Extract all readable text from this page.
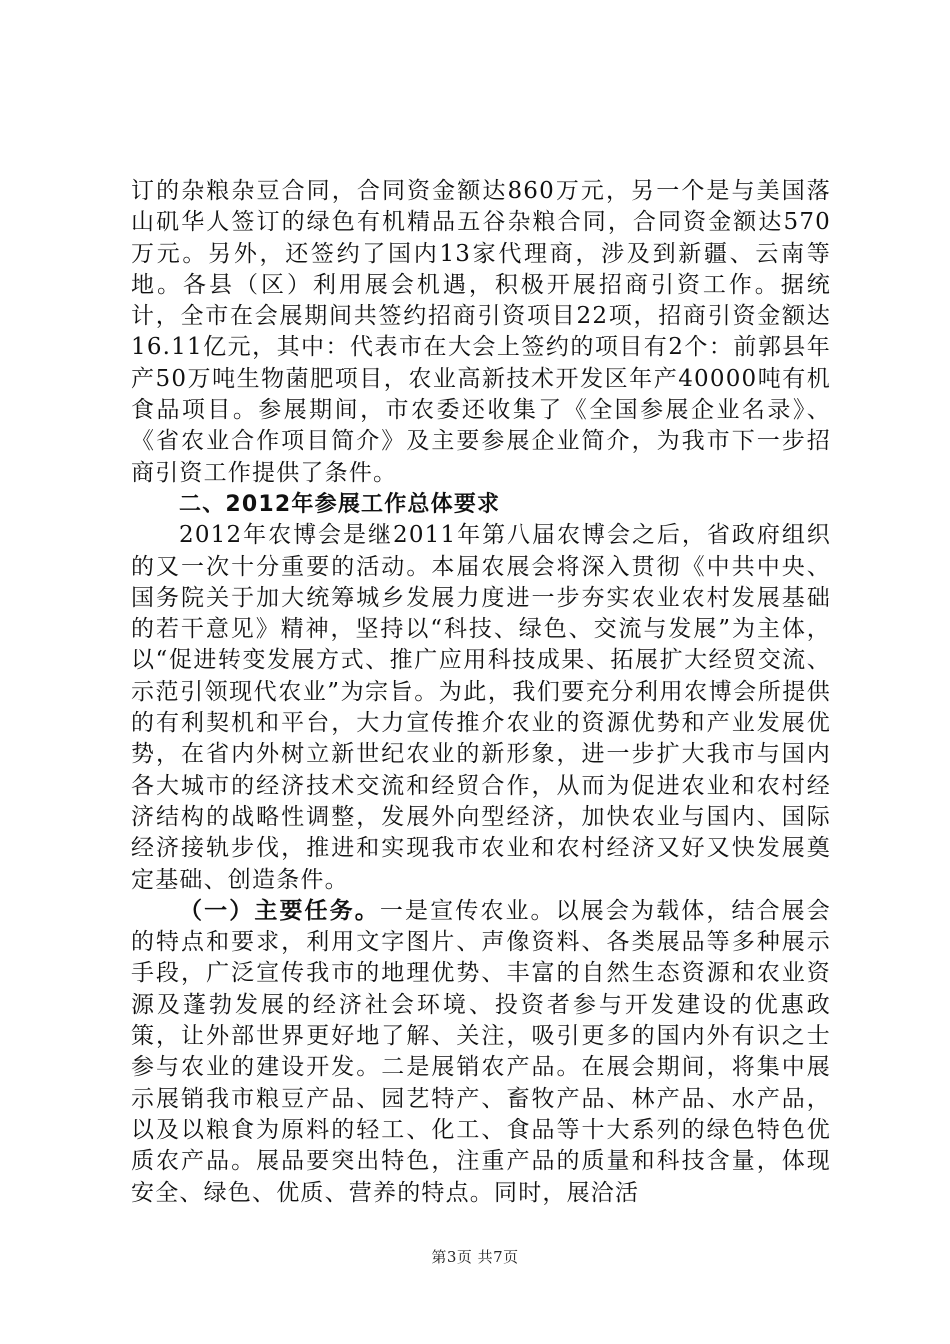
订的杂粮杂豆合同，合同资金额达860万元，另一个是与美国落山矶华人签订的绿色有机精品五谷杂粮合同，合同资金额达570万元。另外，还签约了国内13家代理商，涉及到新疆、云南等地。各县（区）利用展会机遇，积极开展招商引资工作。据统计，全市在会展期间共签约招商引资项目22项，招商引资金额达16.11亿元，其中：代表市在大会上签约的项目有2个：前郭县年产50万吨生物菌肥项目，农业高新技术开发区年产40000吨有机食品项目。参展期间，市农委还收集了《全国参展企业名录》、《省农业合作项目简介》及主要参展企业简介，为我市下一步招商引资工作提供了条件。

二、2012年参展工作总体要求

2012年农博会是继2011年第八届农博会之后，省政府组织的又一次十分重要的活动。本届农展会将深入贯彻《中共中央、国务院关于加大统筹城乡发展力度进一步夯实农业农村发展基础的若干意见》精神，坚持以“科技、绿色、交流与发展”为主体，以“促进转变发展方式、推广应用科技成果、拓展扩大经贸交流、示范引领现代农业”为宗旨。为此，我们要充分利用农博会所提供的有利契机和平台，大力宣传推介农业的资源优势和产业发展优势，在省内外树立新世纪农业的新形象，进一步扩大我市与国内各大城市的经济技术交流和经贸合作，从而为促进农业和农村经济结构的战略性调整，发展外向型经济，加快农业与国内、国际经济接轨步伐，推进和实现我市农业和农村经济又好又快发展奠定基础、创造条件。

（一）主要任务。一是宣传农业。以展会为载体，结合展会的特点和要求，利用文字图片、声像资料、各类展品等多种展示手段，广泛宣传我市的地理优势、丰富的自然生态资源和农业资源及蓬勃发展的经济社会环境、投资者参与开发建设的优惠政策，让外部世界更好地了解、关注，吸引更多的国内外有识之士参与农业的建设开发。二是展销农产品。在展会期间，将集中展示展销我市粮豆产品、园艺特产、畜牧产品、林产品、水产品，以及以粮食为原料的轻工、化工、食品等十大系列的绿色特色优质农产品。展品要突出特色，注重产品的质量和科技含量，体现安全、绿色、优质、营养的特点。同时，展洽活

第3页 共7页
